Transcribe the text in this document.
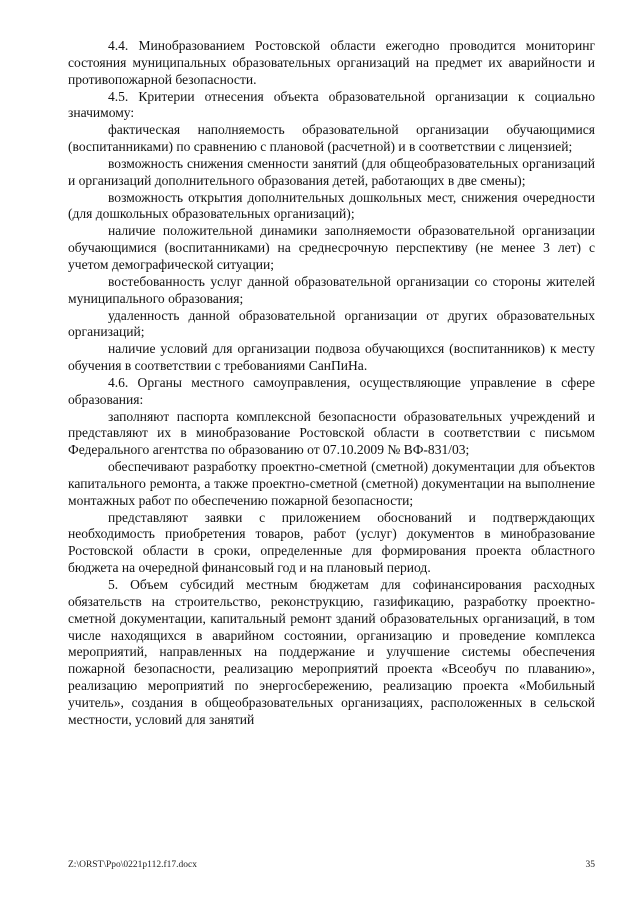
4.4. Минобразованием Ростовской области ежегодно проводится мониторинг состояния муниципальных образовательных организаций на предмет их аварийности и противопожарной безопасности.

4.5. Критерии отнесения объекта образовательной организации к социально значимому:

фактическая наполняемость образовательной организации обучающимися (воспитанниками) по сравнению с плановой (расчетной) и в соответствии с лицензией;

возможность снижения сменности занятий (для общеобразовательных организаций и организаций дополнительного образования детей, работающих в две смены);

возможность открытия дополнительных дошкольных мест, снижения очередности (для дошкольных образовательных организаций);

наличие положительной динамики заполняемости образовательной организации обучающимися (воспитанниками) на среднесрочную перспективу (не менее 3 лет) с учетом демографической ситуации;

востебованность услуг данной образовательной организации со стороны жителей муниципального образования;

удаленность данной образовательной организации от других образовательных организаций;

наличие условий для организации подвоза обучающихся (воспитанников) к месту обучения в соответствии с требованиями СанПиНа.

4.6. Органы местного самоуправления, осуществляющие управление в сфере образования:

заполняют паспорта комплексной безопасности образовательных учреждений и представляют их в минобразование Ростовской области в соответствии с письмом Федерального агентства по образованию от 07.10.2009 № ВФ-831/03;

обеспечивают разработку проектно-сметной (сметной) документации для объектов капитального ремонта, а также проектно-сметной (сметной) документации на выполнение монтажных работ по обеспечению пожарной безопасности;

представляют заявки с приложением обоснований и подтверждающих необходимость приобретения товаров, работ (услуг) документов в минобразование Ростовской области в сроки, определенные для формирования проекта областного бюджета на очередной финансовый год и на плановый период.

5. Объем субсидий местным бюджетам для софинансирования расходных обязательств на строительство, реконструкцию, газификацию, разработку проектно-сметной документации, капитальный ремонт зданий образовательных организаций, в том числе находящихся в аварийном состоянии, организацию и проведение комплекса мероприятий, направленных на поддержание и улучшение системы обеспечения пожарной безопасности, реализацию мероприятий проекта «Всеобуч по плаванию», реализацию мероприятий по энергосбережению, реализацию проекта «Мобильный учитель», создания в общеобразовательных организациях, расположенных в сельской местности, условий для занятий

Z:\ORST\Ppo\0221p112.f17.docx	35
